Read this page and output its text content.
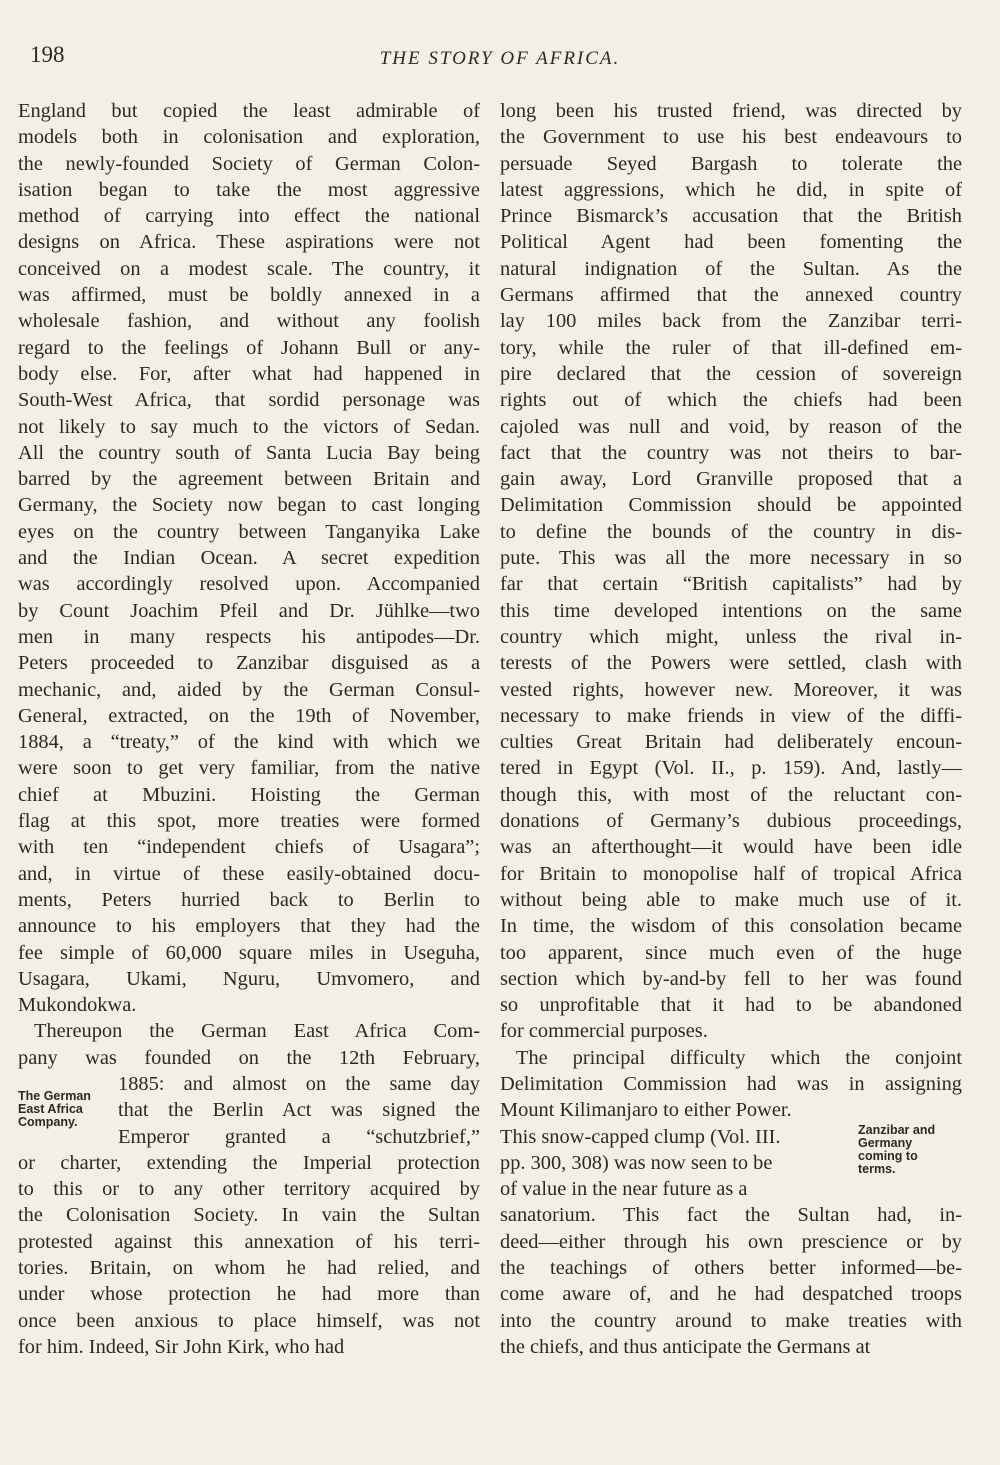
198	THE STORY OF AFRICA.
England but copied the least admirable of
models both in colonisation and exploration,
the newly-founded Society of German Colon-
isation began to take the most aggressive
method of carrying into effect the national
designs on Africa. These aspirations were not
conceived on a modest scale. The country, it
was affirmed, must be boldly annexed in a
wholesale fashion, and without any foolish
regard to the feelings of Johann Bull or any-
body else. For, after what had happened in
South-West Africa, that sordid personage was
not likely to say much to the victors of Sedan.
All the country south of Santa Lucia Bay being
barred by the agreement between Britain and
Germany, the Society now began to cast longing
eyes on the country between Tanganyika Lake
and the Indian Ocean. A secret expedition
was accordingly resolved upon. Accompanied
by Count Joachim Pfeil and Dr. Jühlke—two
men in many respects his antipodes—Dr.
Peters proceeded to Zanzibar disguised as a
mechanic, and, aided by the German Consul-
General, extracted, on the 19th of November,
1884, a “treaty,” of the kind with which we
were soon to get very familiar, from the native
chief at Mbuzini. Hoisting the German
flag at this spot, more treaties were formed
with ten “independent chiefs of Usagara”;
and, in virtue of these easily-obtained docu-
ments, Peters hurried back to Berlin to
announce to his employers that they had the
fee simple of 60,000 square miles in Useguha,
Usagara, Ukami, Nguru, Umvomero, and
Mukondokwa.
Thereupon the German East Africa Com-
pany was founded on the 12th February,
1885: and almost on the same day
that the Berlin Act was signed the
Emperor granted a “schutzbrief,”
or charter, extending the Imperial protection
to this or to any other territory acquired by
the Colonisation Society. In vain the Sultan
protested against this annexation of his terri-
tories. Britain, on whom he had relied, and
under whose protection he had more than
once been anxious to place himself, was not
for him. Indeed, Sir John Kirk, who had
The German
East Africa
Company.
long been his trusted friend, was directed by
the Government to use his best endeavours to
persuade Seyed Bargash to tolerate the
latest aggressions, which he did, in spite of
Prince Bismarck’s accusation that the British
Political Agent had been fomenting the
natural indignation of the Sultan. As the
Germans affirmed that the annexed country
lay 100 miles back from the Zanzibar terri-
tory, while the ruler of that ill-defined em-
pire declared that the cession of sovereign
rights out of which the chiefs had been
cajoled was null and void, by reason of the
fact that the country was not theirs to bar-
gain away, Lord Granville proposed that a
Delimitation Commission should be appointed
to define the bounds of the country in dis-
pute. This was all the more necessary in so
far that certain “British capitalists” had by
this time developed intentions on the same
country which might, unless the rival in-
terests of the Powers were settled, clash with
vested rights, however new. Moreover, it was
necessary to make friends in view of the diffi-
culties Great Britain had deliberately encoun-
tered in Egypt (Vol. II., p. 159). And, lastly—
though this, with most of the reluctant con-
donations of Germany’s dubious proceedings,
was an afterthought—it would have been idle
for Britain to monopolise half of tropical Africa
without being able to make much use of it.
In time, the wisdom of this consolation became
too apparent, since much even of the huge
section which by-and-by fell to her was found
so unprofitable that it had to be abandoned
for commercial purposes.
The principal difficulty which the conjoint
Delimitation Commission had was in assigning
Mount Kilimanjaro to either Power.
This snow-capped clump (Vol. III.
pp. 300, 308) was now seen to be
of value in the near future as a
sanatorium. This fact the Sultan had, in-
deed—either through his own prescience or by
the teachings of others better informed—be-
come aware of, and he had despatched troops
into the country around to make treaties with
the chiefs, and thus anticipate the Germans at
Zanzibar and
Germany
coming to
terms.
